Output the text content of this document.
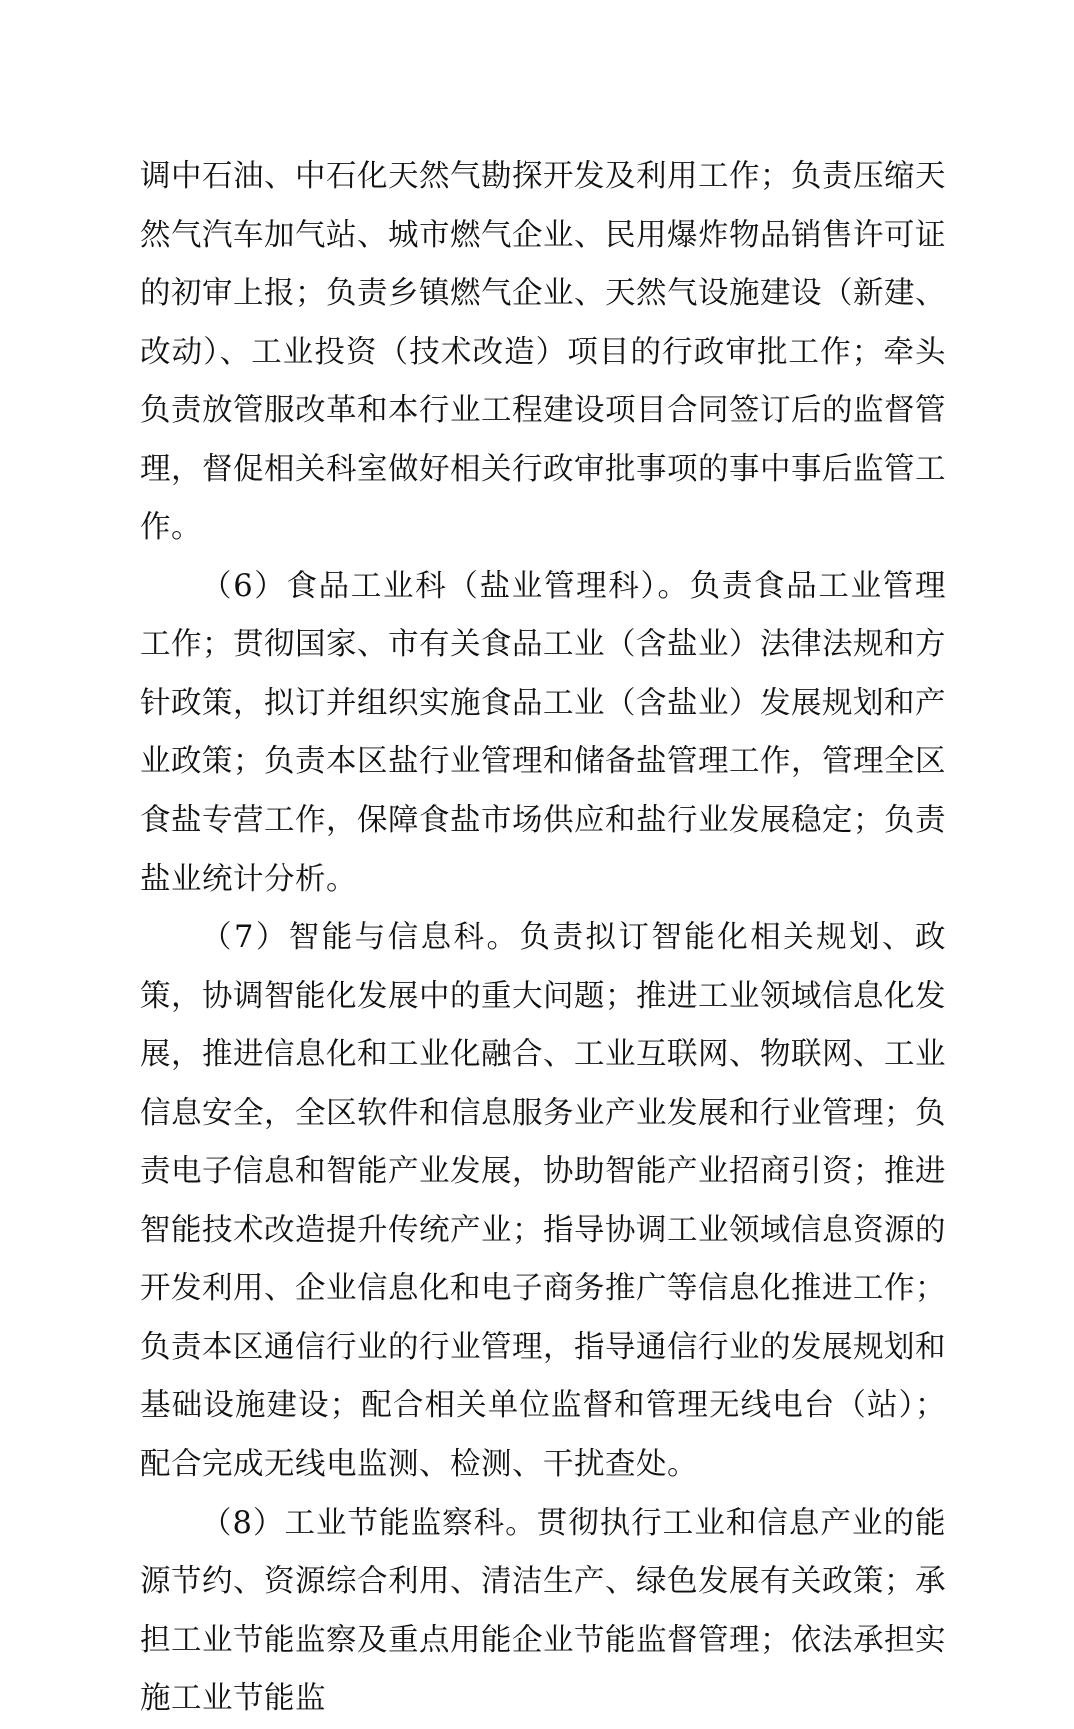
调中石油、中石化天然气勘探开发及利用工作；负责压缩天然气汽车加气站、城市燃气企业、民用爆炸物品销售许可证的初审上报；负责乡镇燃气企业、天然气设施建设（新建、改动）、工业投资（技术改造）项目的行政审批工作；牵头负责放管服改革和本行业工程建设项目合同签订后的监督管理，督促相关科室做好相关行政审批事项的事中事后监管工作。

（6）食品工业科（盐业管理科）。负责食品工业管理工作；贯彻国家、市有关食品工业（含盐业）法律法规和方针政策，拟订并组织实施食品工业（含盐业）发展规划和产业政策；负责本区盐行业管理和储备盐管理工作，管理全区食盐专营工作，保障食盐市场供应和盐行业发展稳定；负责盐业统计分析。

（7）智能与信息科。负责拟订智能化相关规划、政策，协调智能化发展中的重大问题；推进工业领域信息化发展，推进信息化和工业化融合、工业互联网、物联网、工业信息安全，全区软件和信息服务业产业发展和行业管理；负责电子信息和智能产业发展，协助智能产业招商引资；推进智能技术改造提升传统产业；指导协调工业领域信息资源的开发利用、企业信息化和电子商务推广等信息化推进工作；负责本区通信行业的行业管理，指导通信行业的发展规划和基础设施建设；配合相关单位监督和管理无线电台（站）；配合完成无线电监测、检测、干扰查处。

（8）工业节能监察科。贯彻执行工业和信息产业的能源节约、资源综合利用、清洁生产、绿色发展有关政策；承担工业节能监察及重点用能企业节能监督管理；依法承担实施工业节能监
